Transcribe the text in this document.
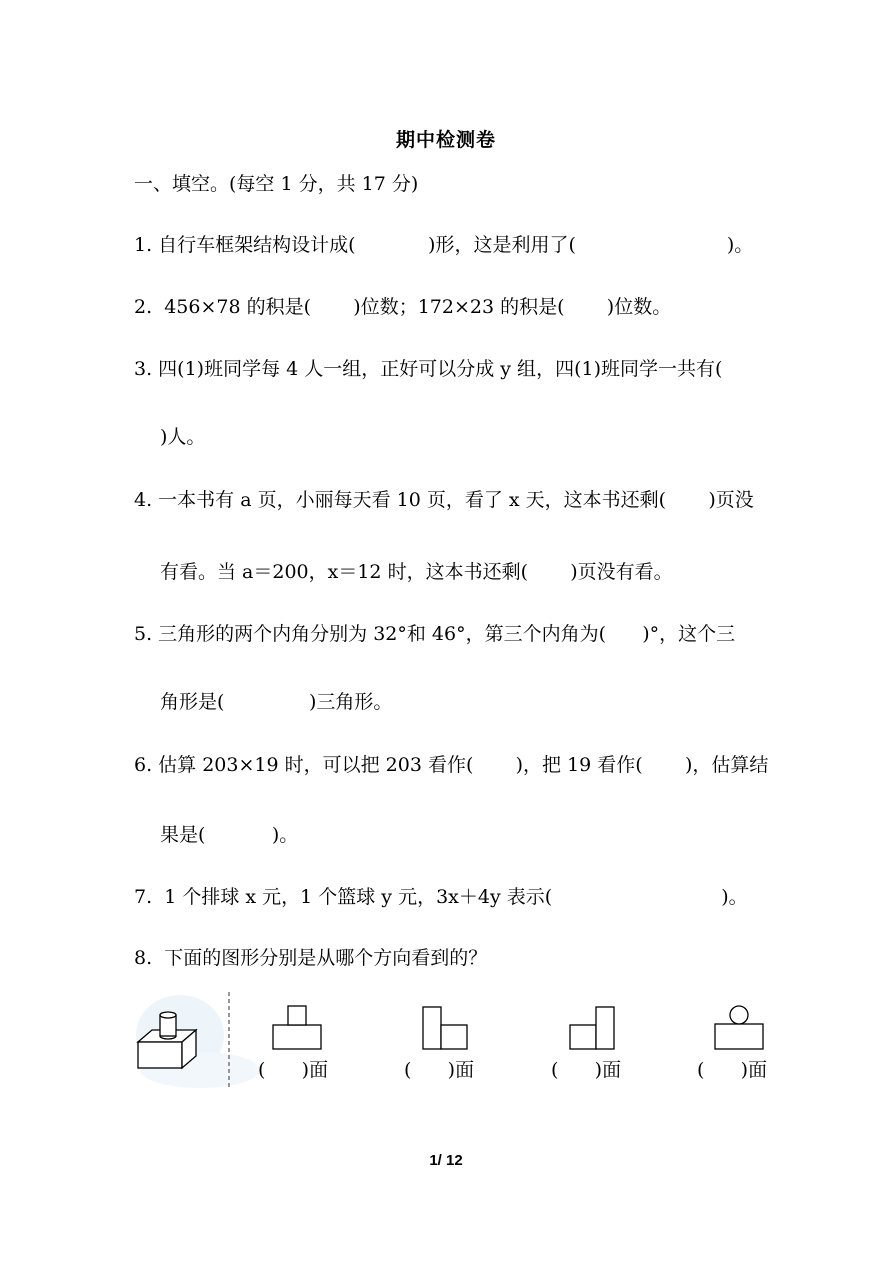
期中检测卷
一、填空。(每空 1 分，共 17 分)
1. 自行车框架结构设计成(            )形，这是利用了(                         )。
2.  456×78 的积是(       )位数；172×23 的积是(       )位数。
3. 四(1)班同学每 4 人一组，正好可以分成 y 组，四(1)班同学一共有(
)人。
4. 一本书有 a 页，小丽每天看 10 页，看了 x 天，这本书还剩(       )页没
有看。当 a＝200，x＝12 时，这本书还剩(       )页没有看。
5. 三角形的两个内角分别为 32°和 46°，第三个内角为(      )°，这个三
角形是(              )三角形。
6. 估算 203×19 时，可以把 203 看作(       )，把 19 看作(       )，估算结
果是(           )。
7.  1 个排球 x 元，1 个篮球 y 元，3x＋4y 表示(                            )。
8.  下面的图形分别是从哪个方向看到的？
(      )面	(      )面	(      )面	(      )面
1/ 12
